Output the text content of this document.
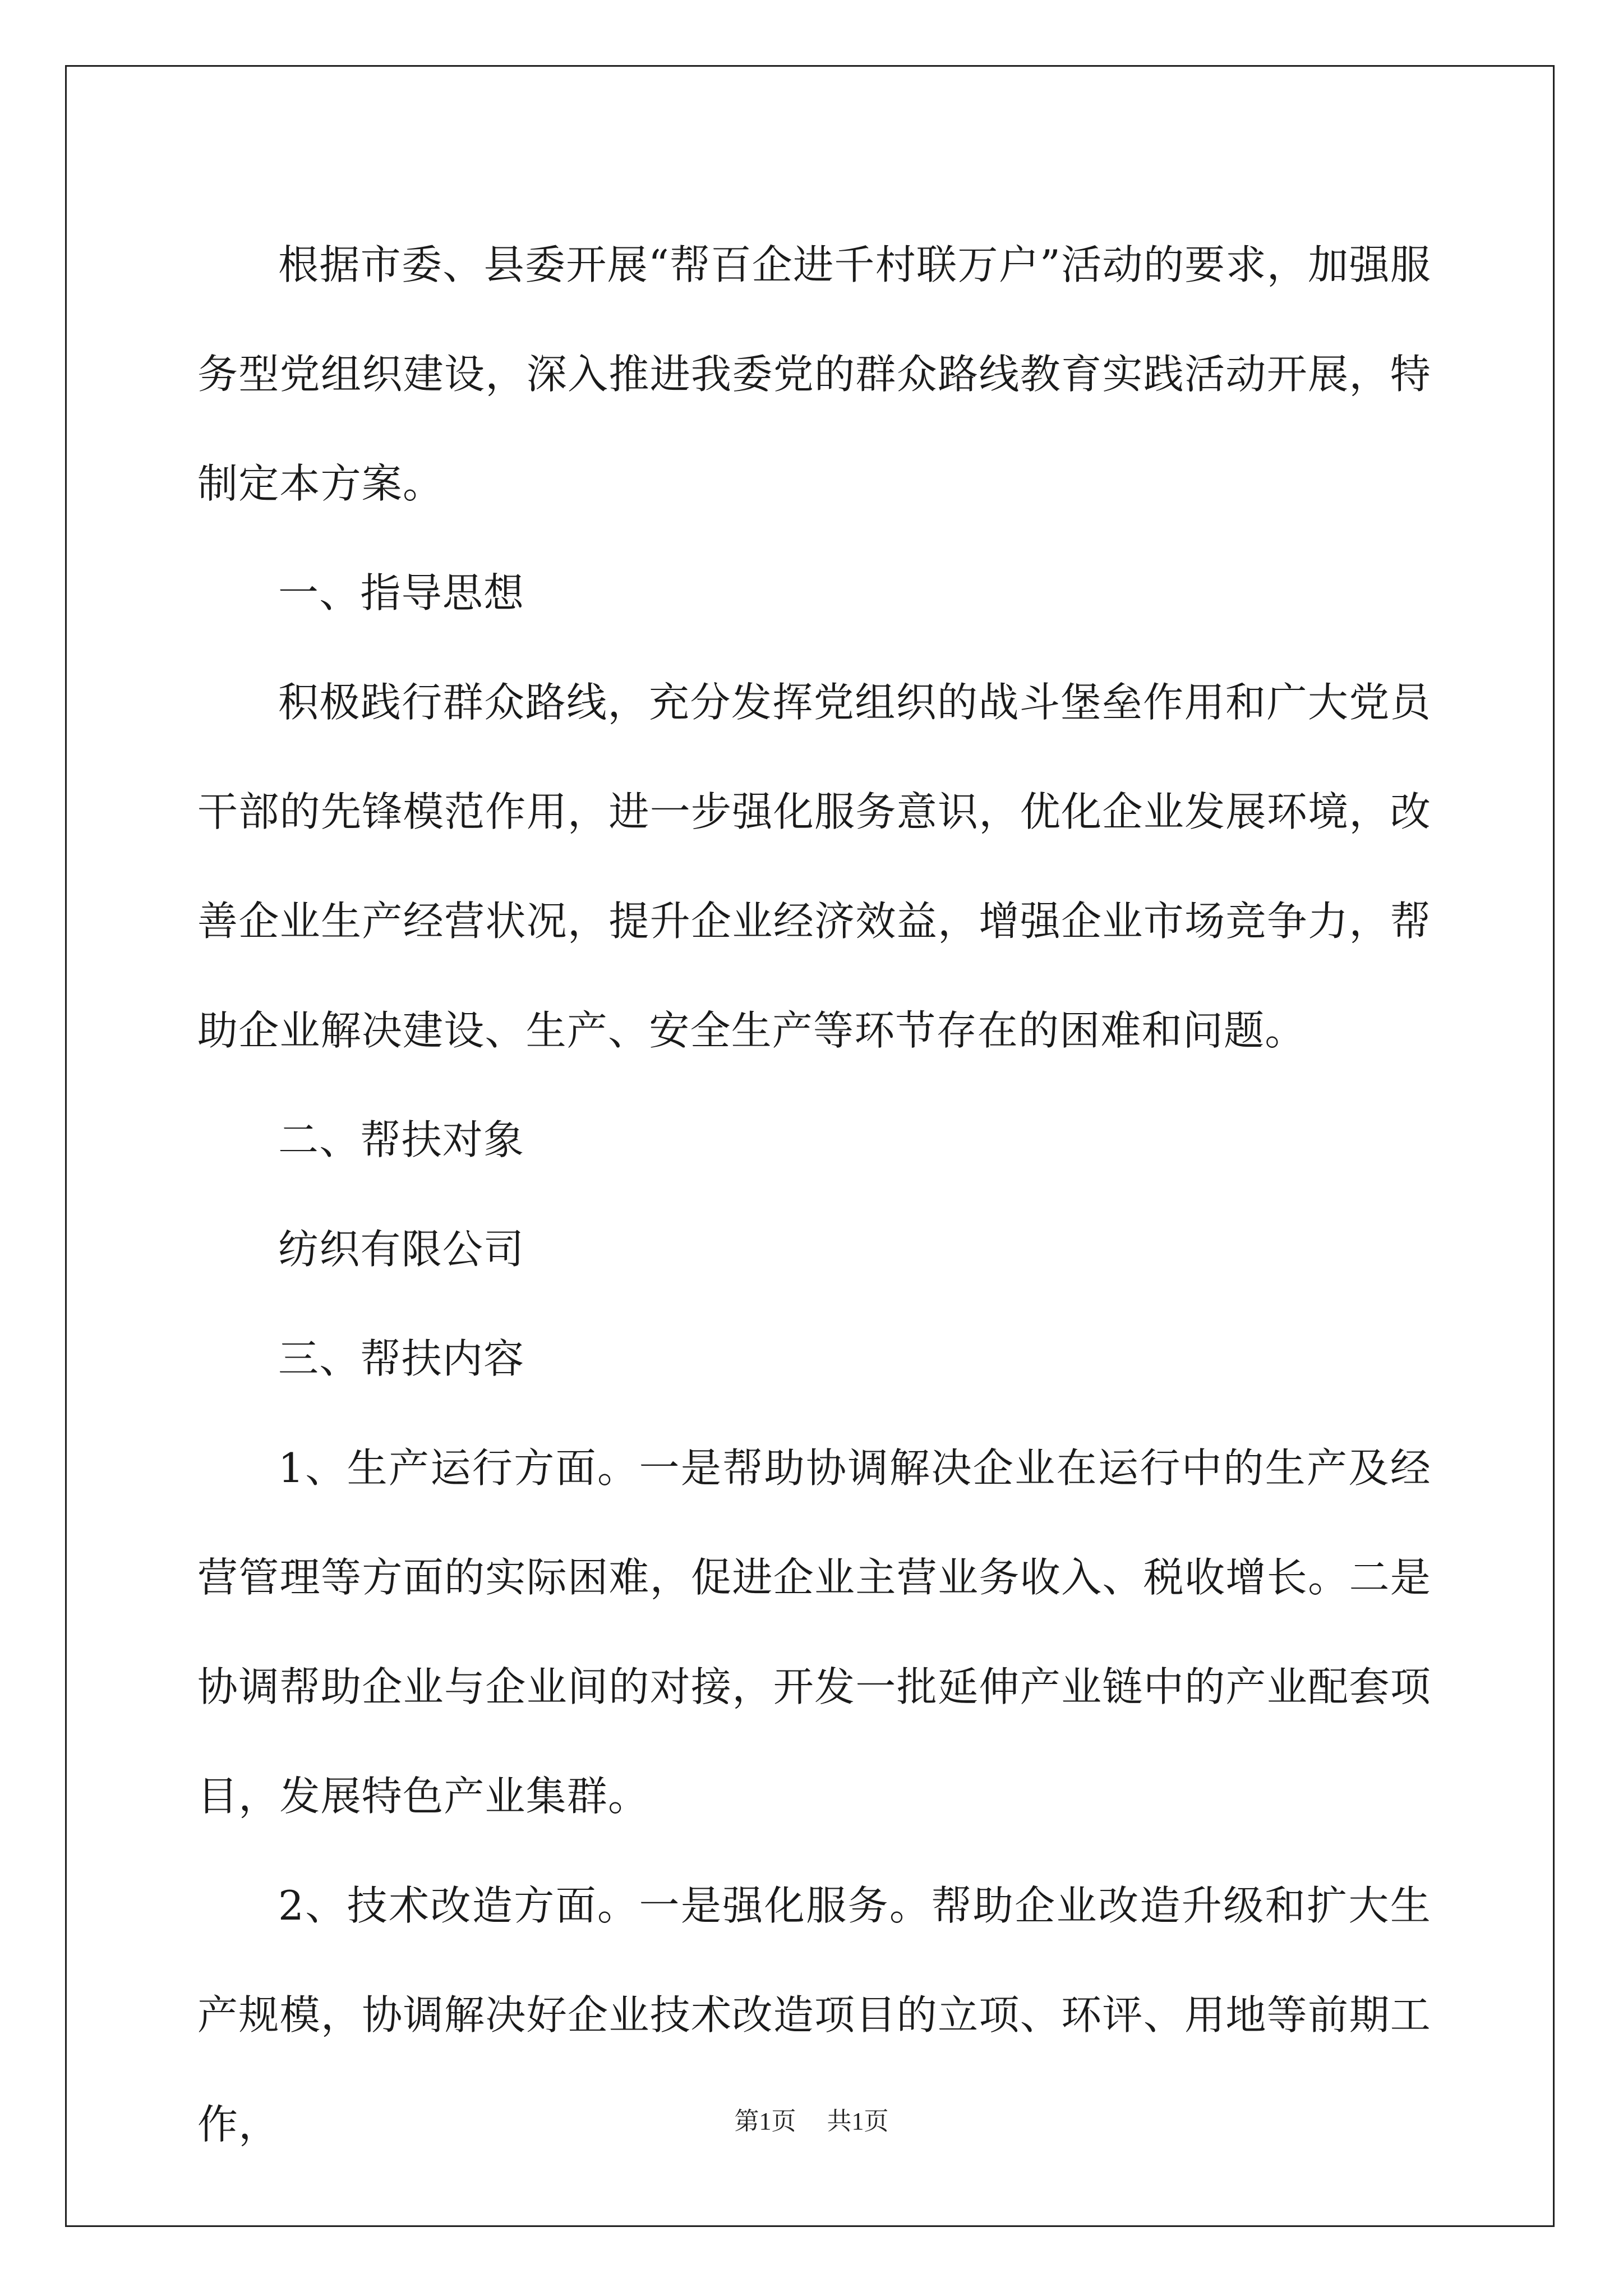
根据市委、县委开展“帮百企进千村联万户”活动的要求，加强服务型党组织建设，深入推进我委党的群众路线教育实践活动开展，特制定本方案。

一、指导思想

积极践行群众路线，充分发挥党组织的战斗堡垒作用和广大党员干部的先锋模范作用，进一步强化服务意识，优化企业发展环境，改善企业生产经营状况，提升企业经济效益，增强企业市场竞争力，帮助企业解决建设、生产、安全生产等环节存在的困难和问题。

二、帮扶对象

纺织有限公司

三、帮扶内容

1、生产运行方面。一是帮助协调解决企业在运行中的生产及经营管理等方面的实际困难，促进企业主营业务收入、税收增长。二是协调帮助企业与企业间的对接，开发一批延伸产业链中的产业配套项目，发展特色产业集群。

2、技术改造方面。一是强化服务。帮助企业改造升级和扩大生产规模，协调解决好企业技术改造项目的立项、环评、用地等前期工作，	第1页 共1页
